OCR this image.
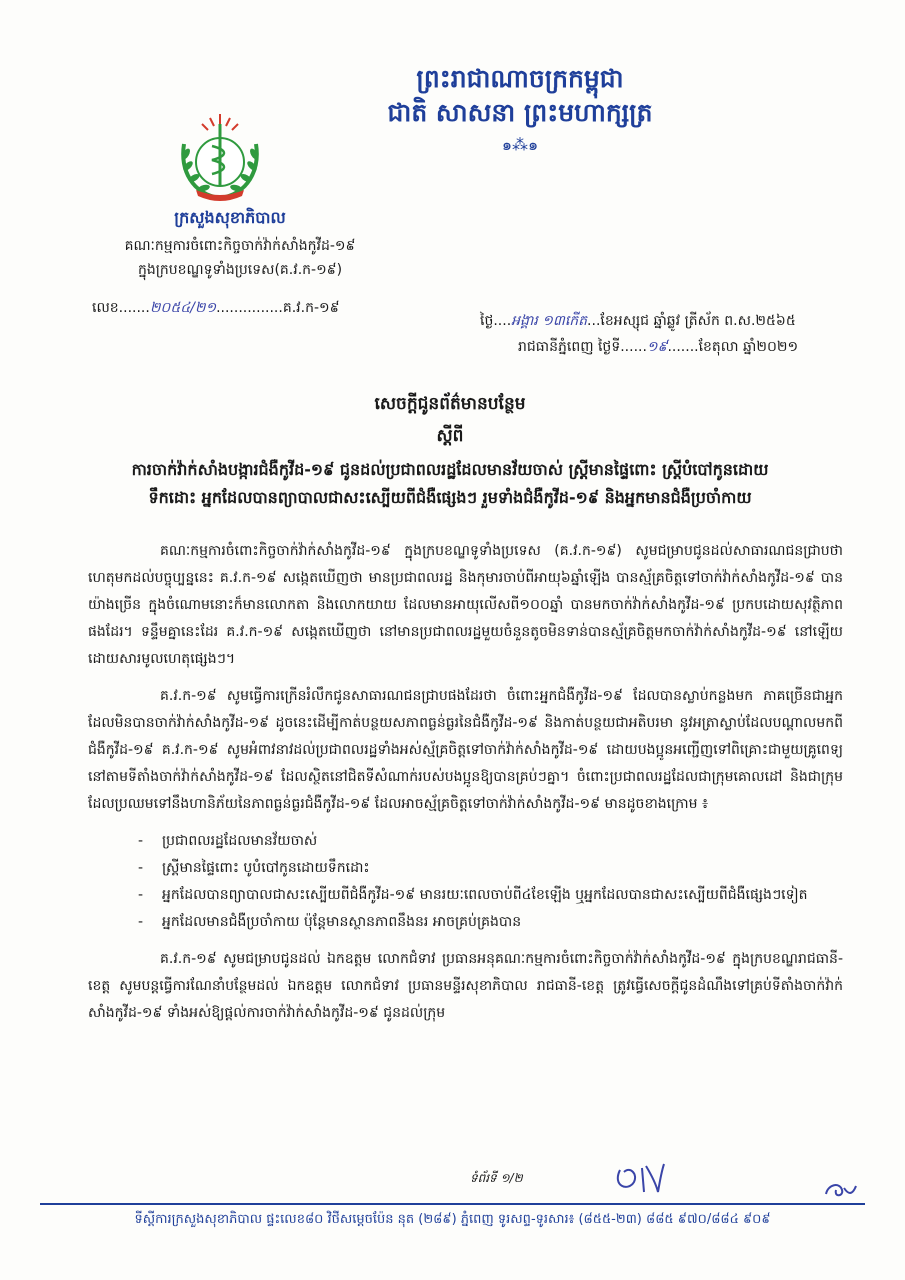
ព្រះរាជាណាចក្រកម្ពុជា
ជាតិ សាសនា ព្រះមហាក្សត្រ
๑⁂๑
ក្រសួងសុខាភិបាល
គណៈកម្មការចំពោះកិច្ចចាក់វ៉ាក់សាំងកូវីដ-១៩
ក្នុងក្របខណ្ឌទូទាំងប្រទេស(គ.វ.ក-១៩)
លេខ.......២០៥៤/២១...............គ.វ.ក-១៩
ថ្ងៃ....អង្គារ ១៣កើត...ខែអស្សុជ ឆ្នាំឆ្លូវ ត្រីស័ក ព.ស.២៥៦៥
រាជធានីភ្នំពេញ ថ្ងៃទី......១៩.......ខែតុលា ឆ្នាំ២០២១
សេចក្ដីជូនព័ត៌មានបន្ថែម
ស្ដីពី
ការចាក់វ៉ាក់សាំងបង្ការជំងឺកូវីដ-១៩ ជូនដល់ប្រជាពលរដ្ឋដែលមានវ័យចាស់ ស្ត្រីមានផ្ទៃពោះ ស្ត្រីបំបៅកូនដោយទឹកដោះ អ្នកដែលបានព្យាបាលជាសះស្បើយពីជំងឺផ្សេងៗ រួមទាំងជំងឺកូវីដ-១៩ និងអ្នកមានជំងឺប្រចាំកាយ

គណៈកម្មការចំពោះកិច្ចចាក់វ៉ាក់សាំងកូវីដ-១៩ ក្នុងក្របខណ្ឌទូទាំងប្រទេស (គ.វ.ក-១៩) សូមជម្រាបជូនដល់សាធារណជនជ្រាបថា ហេតុមកដល់បច្ចុប្បន្ននេះ គ.វ.ក-១៩ សង្កេតឃើញថា មានប្រជាពលរដ្ឋ និងកុមារចាប់ពីអាយុ៦ឆ្នាំឡើង បានស្ម័គ្រចិត្តទៅចាក់វ៉ាក់សាំងកូវីដ-១៩ បានយ៉ាងច្រើន ក្នុងចំណោមនោះក៏មានលោកតា និងលោកយាយ ដែលមានអាយុលើសពី១០០ឆ្នាំ បានមកចាក់វ៉ាក់សាំងកូវីដ-១៩ ប្រកបដោយសុវត្ថិភាពផងដែរ។ ទន្ទឹមគ្នានេះដែរ គ.វ.ក-១៩ សង្កេតឃើញថា នៅមានប្រជាពលរដ្ឋមួយចំនួនតូចមិនទាន់បានស្ម័គ្រចិត្តមកចាក់វ៉ាក់សាំងកូវីដ-១៩ នៅឡើយ ដោយសារមូលហេតុផ្សេងៗ។

គ.វ.ក-១៩ សូមធ្វើការក្រើនរំលឹកជូនសាធារណជនជ្រាបផងដែរថា ចំពោះអ្នកជំងឺកូវីដ-១៩ ដែលបានស្លាប់កន្លងមក ភាគច្រើនជាអ្នកដែលមិនបានចាក់វ៉ាក់សាំងកូវីដ-១៩ ដូចនេះដើម្បីកាត់បន្ថយសភាពធ្ងន់ធ្ងរនៃជំងឺកូវីដ-១៩ និងកាត់បន្ថយជាអតិបរមា នូវអត្រាស្លាប់ដែលបណ្ដាលមកពីជំងឺកូវីដ-១៩ គ.វ.ក-១៩ សូមអំពាវនាវដល់ប្រជាពលរដ្ឋទាំងអស់ស្ម័គ្រចិត្តទៅចាក់វ៉ាក់សាំងកូវីដ-១៩ ដោយបងប្អូនអញ្ជើញទៅពិគ្រោះជាមួយគ្រូពេទ្យនៅតាមទីតាំងចាក់វ៉ាក់សាំងកូវីដ-១៩ ដែលស្ថិតនៅជិតទីសំណាក់របស់បងប្អូនឱ្យបានគ្រប់ៗគ្នា។ ចំពោះប្រជាពលរដ្ឋដែលជាក្រុមគោលដៅ និងជាក្រុមដែលប្រឈមទៅនឹងហានិភ័យនៃភាពធ្ងន់ធ្ងរជំងឺកូវីដ-១៩ ដែលអាចស្ម័គ្រចិត្តទៅចាក់វ៉ាក់សាំងកូវីដ-១៩ មានដូចខាងក្រោម ៖

- ប្រជាពលរដ្ឋដែលមានវ័យចាស់
- ស្ត្រីមានផ្ទៃពោះ បូបំបៅកូនដោយទឹកដោះ
- អ្នកដែលបានព្យាបាលជាសះស្បើយពីជំងឺកូវីដ-១៩ មានរយៈពេលចាប់ពី៤ខែឡើង ឬអ្នកដែលបានជាសះស្បើយពីជំងឺផ្សេងៗទៀត
- អ្នកដែលមានជំងឺប្រចាំកាយ ប៉ុន្តែមានស្ថានភាពនឹងនរ អាចគ្រប់គ្រងបាន

គ.វ.ក-១៩ សូមជម្រាបជូនដល់ ឯកឧត្ដម លោកជំទាវ ប្រធានអនុគណៈកម្មការចំពោះកិច្ចចាក់វ៉ាក់សាំងកូវីដ-១៩ ក្នុងក្របខណ្ឌរាជធានី-ខេត្ត សូមបន្តធ្វើការណែនាំបន្ថែមដល់ ឯកឧត្ដម លោកជំទាវ ប្រធានមន្ទីរសុខាភិបាល រាជធានី-ខេត្ត ត្រូវធ្វើសេចក្តីជូនដំណឹងទៅគ្រប់ទីតាំងចាក់វ៉ាក់សាំងកូវីដ-១៩ ទាំងអស់ឱ្យផ្ដល់ការចាក់វ៉ាក់សាំងកូវីដ-១៩ ជូនដល់ក្រុម

ទំព័រទី ១/២
ទីស្ដីការក្រសួងសុខាភិបាល ផ្ទះលេខ៨០ វិថីសម្ដេចប៉ែន នុត (២៨៩) ភ្នំពេញ ទូរសព្ទ-ទូរសារ៖ (៨៥៥-២៣) ៨៨៥ ៩៧០/៨៨៤ ៩០៩
